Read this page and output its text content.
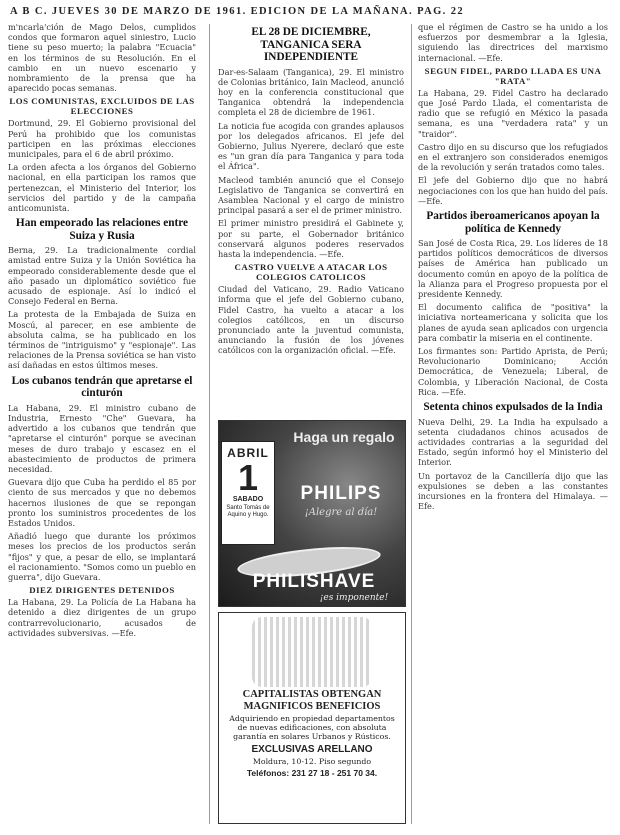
A B C. JUEVES 30 DE MARZO DE 1961. EDICION DE LA MAÑANA. PAG. 22

m'ncarla'ción de Mago Delos, cumplidos condos que formaron aquel siniestro, Lucio tiene su peso muerto; la palabra "Ecuacia" en los términos de su Resolución. En el cambio en un nuevo escenario y nombramiento de la prensa que ha aparecido pocas semanas.

LOS COMUNISTAS, EXCLUIDOS DE LAS ELECCIONES

Dortmund, 29. El Gobierno provisional del Perú ha prohibido que los comunistas participen en las próximas elecciones municipales, para el 6 de abril próximo.

La orden afecta a los órganos del Gobierno nacional, en ella participan los ramos que pertenezcan, el Ministerio del Interior, los servicios del partido y de la campaña anticomunista.

Han empeorado las relaciones entre Suiza y Rusia

Berna, 29. La tradicionalmente cordial amistad entre Suiza y la Unión Soviética ha empeorado considerablemente desde que el año pasado un diplomático soviético fue acusado de espionaje. Así lo indicó el Consejo Federal en Berna.

La protesta de la Embajada de Suiza en Moscú, al parecer, en ese ambiente de absoluta calma, se ha publicado en los términos de "intriguismo" y "espionaje". Las relaciones de la Prensa soviética se han visto así dañadas en estos últimos meses.

Los cubanos tendrán que apretarse el cinturón

La Habana, 29. El ministro cubano de Industria, Ernesto "Che" Guevara, ha advertido a los cubanos que tendrán que "apretarse el cinturón" porque se avecinan meses de duro trabajo y escasez en el abastecimiento de productos de primera necesidad.

Guevara dijo que Cuba ha perdido el 85 por ciento de sus mercados y que no debemos hacernos ilusiones de que se repongan pronto los suministros procedentes de los Estados Unidos.

Añadió luego que durante los próximos meses los precios de los productos serán "fijos" y que, a pesar de ello, se implantará el racionamiento. "Somos como un pueblo en guerra", dijo Guevara.

DIEZ DIRIGENTES DETENIDOS

La Habana, 29. La Policía de La Habana ha detenido a diez dirigentes de un grupo contrarrevolucionario, acusados de actividades subversivas. —Efe.

EL 28 DE DICIEMBRE, TANGANICA SERA INDEPENDIENTE

Dar-es-Salaam (Tanganica), 29. El ministro de Colonias británico, Iain Macleod, anunció hoy en la conferencia constitucional que Tanganica obtendrá la independencia completa el 28 de diciembre de 1961.

La noticia fue acogida con grandes aplausos por los delegados africanos. El jefe del Gobierno, Julius Nyerere, declaró que este es "un gran día para Tanganica y para toda el África".

Macleod también anunció que el Consejo Legislativo de Tanganica se convertirá en Asamblea Nacional y el cargo de ministro principal pasará a ser el de primer ministro.

El primer ministro presidirá el Gabinete y, por su parte, el Gobernador británico conservará algunos poderes reservados hasta la independencia. —Efe.

CASTRO VUELVE A ATACAR LOS COLEGIOS CATOLICOS

Ciudad del Vaticano, 29. Radio Vaticano informa que el jefe del Gobierno cubano, Fidel Castro, ha vuelto a atacar a los colegios católicos, en un discurso pronunciado ante la juventud comunista, anunciando la fusión de los jóvenes católicos con la organización oficial. —Efe.

ABRIL
1
SABADO
Santo Tomás de Aquino y Hugo.
Haga un regalo
PHILIPS
¡Alegre al día!
PHILISHAVE
¡es imponente!
CAPITALISTAS OBTENGAN MAGNIFICOS BENEFICIOS
Adquiriendo en propiedad departamentos de nuevas edificaciones, con absoluta garantía en solares Urbanos y Rústicos.
EXCLUSIVAS ARELLANO
Moldura, 10-12. Piso segundo
Teléfonos: 231 27 18 - 251 70 34.

que el régimen de Castro se ha unido a los esfuerzos por desmembrar a la Iglesia, siguiendo las directrices del marxismo internacional. —Efe.

SEGUN FIDEL, PARDO LLADA ES UNA "RATA"

La Habana, 29. Fidel Castro ha declarado que José Pardo Llada, el comentarista de radio que se refugió en México la pasada semana, es una "verdadera rata" y un "traidor".

Castro dijo en su discurso que los refugiados en el extranjero son considerados enemigos de la revolución y serán tratados como tales.

El jefe del Gobierno dijo que no habrá negociaciones con los que han huido del país. —Efe.

Partidos iberoamericanos apoyan la política de Kennedy

San José de Costa Rica, 29. Los líderes de 18 partidos políticos democráticos de diversos países de América han publicado un documento común en apoyo de la política de la Alianza para el Progreso propuesta por el presidente Kennedy.

El documento califica de "positiva" la iniciativa norteamericana y solicita que los planes de ayuda sean aplicados con urgencia para combatir la miseria en el continente.

Los firmantes son: Partido Aprista, de Perú; Revolucionario Dominicano; Acción Democrática, de Venezuela; Liberal, de Colombia, y Liberación Nacional, de Costa Rica. —Efe.

Setenta chinos expulsados de la India

Nueva Delhi, 29. La India ha expulsado a setenta ciudadanos chinos acusados de actividades contrarias a la seguridad del Estado, según informó hoy el Ministerio del Interior.

Un portavoz de la Cancillería dijo que las expulsiones se deben a las constantes incursiones en la frontera del Himalaya. —Efe.
